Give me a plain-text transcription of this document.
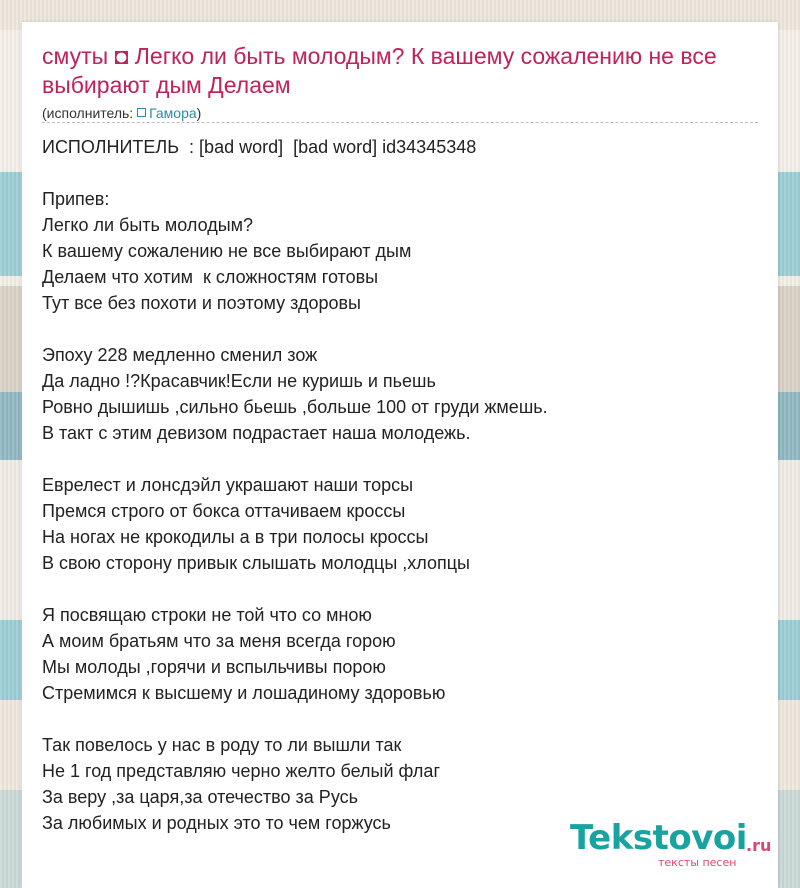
смуты ◘ Легко ли быть молодым? К вашему сожалению не все выбирают дым Делаем
(исполнитель: Гамора)
ИСПОЛНИТЕЛЬ  : [bad word]  [bad word] id34345348
Припев:
Легко ли быть молодым?
К вашему сожалению не все выбирают дым
Делаем что хотим  к сложностям готовы
Тут все без похоти и поэтому здоровы
Эпоху 228 медленно сменил зож
Да ладно !?Красавчик!Если не куришь и пьешь
Ровно дышишь ,сильно бьешь ,больше 100 от груди жмешь.
В такт с этим девизом подрастает наша молодежь.
Еврелест и лонсдэйл украшают наши торсы
Премся строго от бокса оттачиваем кроссы
На ногах не крокодилы а в три полосы кроссы
В свою сторону привык слышать молодцы ,хлопцы
Я посвящаю строки не той что со мною
А моим братьям что за меня всегда горою
Мы молоды ,горячи и вспыльчивы порою
Стремимся к высшему и лошадиному здоровью
Так повелось у нас в роду то ли вышли так
Не 1 год представляю черно желто белый флаг
За веру ,за царя,за отечество за Русь
За любимых и родных это то чем горжусь	Tekstovoi .ru
тексты песен
